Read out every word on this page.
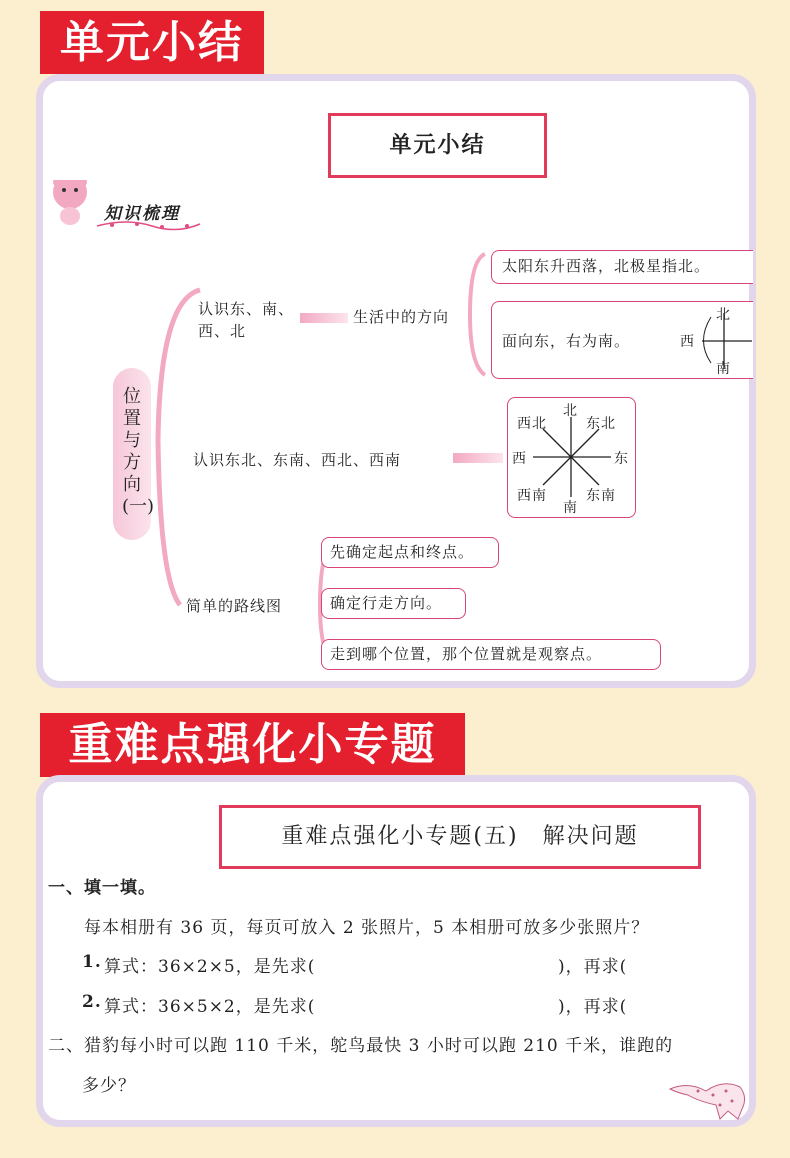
单元小结
单元小结
知识梳理
位置与方向(一)
认识东、南、西、北
生活中的方向
太阳东升西落，北极星指北。
面向东，右为南。
北
西
南
认识东北、东南、西北、西南
北
东北
东
东南
南
西南
西
西北
简单的路线图
先确定起点和终点。
确定行走方向。
走到哪个位置，那个位置就是观察点。
重难点强化小专题
重难点强化小专题(五)　解决问题
一、填一填。
每本相册有 36 页，每页可放入 2 张照片，5 本相册可放多少张照片？
1. 算式：36×2×5，是先求(	)，再求(
2. 算式：36×5×2，是先求(	)，再求(
二、猎豹每小时可以跑 110 千米，鸵鸟最快 3 小时可以跑 210 千米，谁跑的
多少？
